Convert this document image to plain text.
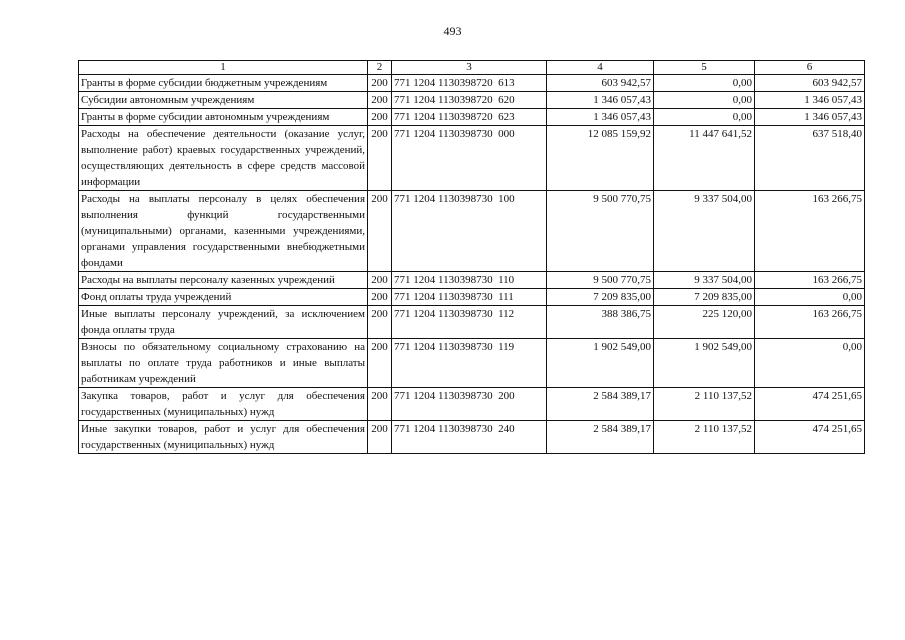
493
1	2	3	4	5	6
Гранты в форме субсидии бюджетным учреждениям	200	771 1204 1130398720  613	603 942,57	0,00	603 942,57
Субсидии автономным учреждениям	200	771 1204 1130398720  620	1 346 057,43	0,00	1 346 057,43
Гранты в форме субсидии автономным учреждениям	200	771 1204 1130398720  623	1 346 057,43	0,00	1 346 057,43
Расходы на обеспечение деятельности (оказание услуг, выполнение работ) краевых государственных учреждений, осуществляющих деятельность в сфере средств массовой информации	200	771 1204 1130398730  000	12 085 159,92	11 447 641,52	637 518,40
Расходы на выплаты персоналу в целях обеспечения выполнения функций государственными (муниципальными) органами, казенными учреждениями, органами управления государственными внебюджетными фондами	200	771 1204 1130398730  100	9 500 770,75	9 337 504,00	163 266,75
Расходы на выплаты персоналу казенных учреждений	200	771 1204 1130398730  110	9 500 770,75	9 337 504,00	163 266,75
Фонд оплаты труда учреждений	200	771 1204 1130398730  111	7 209 835,00	7 209 835,00	0,00
Иные выплаты персоналу учреждений, за исключением фонда оплаты труда	200	771 1204 1130398730  112	388 386,75	225 120,00	163 266,75
Взносы по обязательному социальному страхованию на выплаты по оплате труда работников и иные выплаты работникам учреждений	200	771 1204 1130398730  119	1 902 549,00	1 902 549,00	0,00
Закупка товаров, работ и услуг для обеспечения государственных (муниципальных) нужд	200	771 1204 1130398730  200	2 584 389,17	2 110 137,52	474 251,65
Иные закупки товаров, работ и услуг для обеспечения государственных (муниципальных) нужд	200	771 1204 1130398730  240	2 584 389,17	2 110 137,52	474 251,65
